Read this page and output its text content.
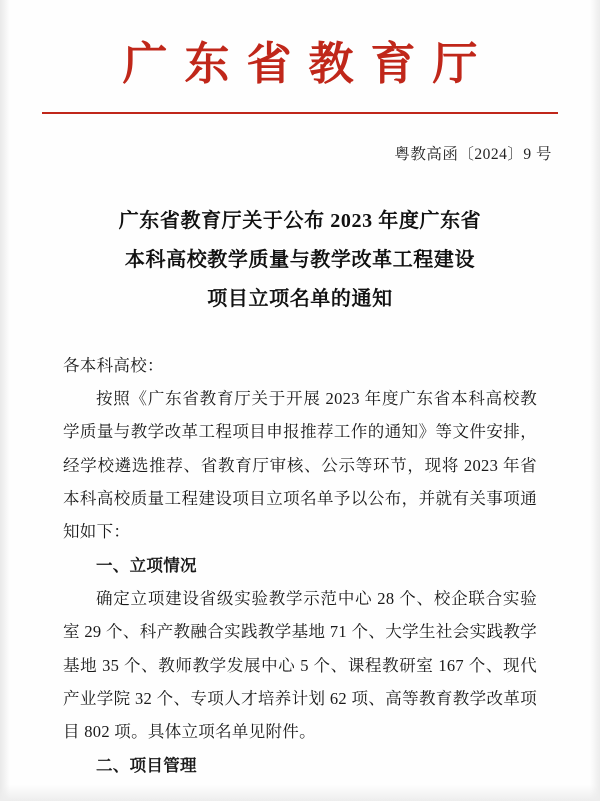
广东省教育厅
粤教高函〔2024〕9 号
广东省教育厅关于公布 2023 年度广东省
本科高校教学质量与教学改革工程建设
项目立项名单的通知

各本科高校：

按照《广东省教育厅关于开展 2023 年度广东省本科高校教学质量与教学改革工程项目申报推荐工作的通知》等文件安排，经学校遴选推荐、省教育厅审核、公示等环节，现将 2023 年省本科高校质量工程建设项目立项名单予以公布，并就有关事项通知如下：

一、立项情况

确定立项建设省级实验教学示范中心 28 个、校企联合实验室 29 个、科产教融合实践教学基地 71 个、大学生社会实践教学基地 35 个、教师教学发展中心 5 个、课程教研室 167 个、现代产业学院 32 个、专项人才培养计划 62 项、高等教育教学改革项目 802 项。具体立项名单见附件。

二、项目管理
